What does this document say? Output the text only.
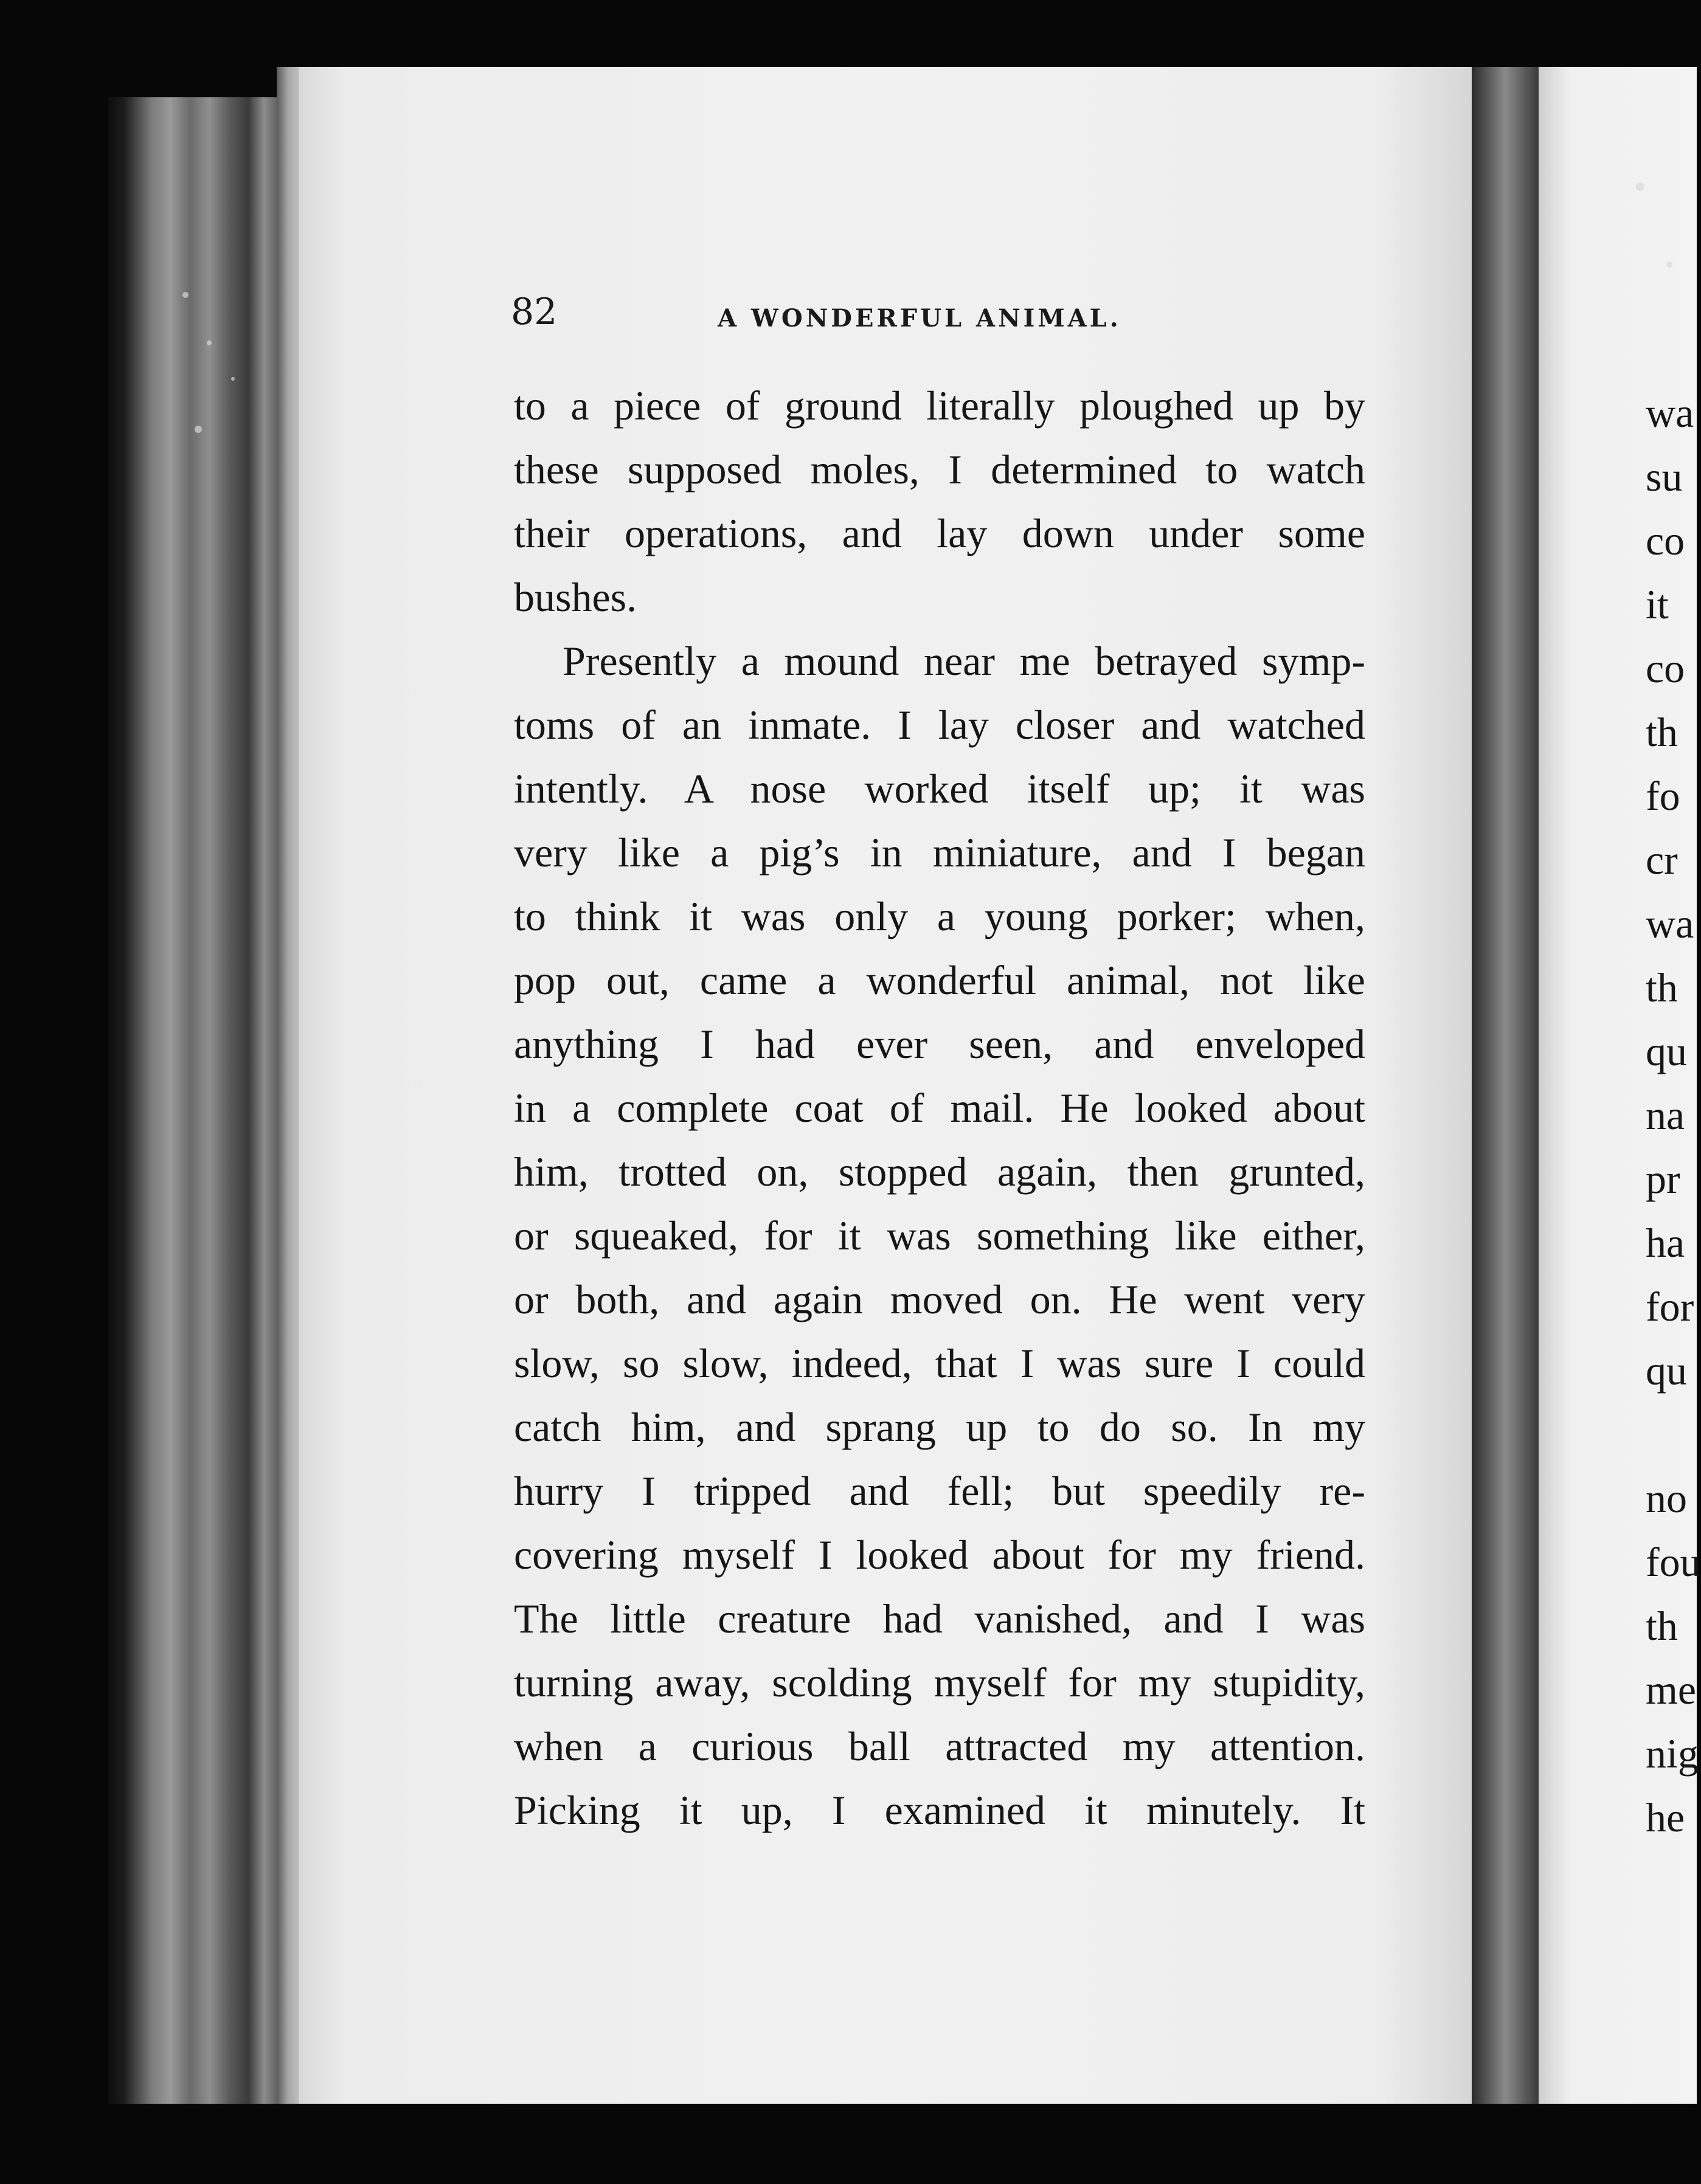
82	A WONDERFUL ANIMAL.
to a piece of ground literally ploughed up by
these supposed moles, I determined to watch
their operations, and lay down under some
bushes.
Presently a mound near me betrayed symp-
toms of an inmate. I lay closer and watched
intently. A nose worked itself up; it was
very like a pig’s in miniature, and I began
to think it was only a young porker; when,
pop out, came a wonderful animal, not like
anything I had ever seen, and enveloped
in a complete coat of mail. He looked about
him, trotted on, stopped again, then grunted,
or squeaked, for it was something like either,
or both, and again moved on. He went very
slow, so slow, indeed, that I was sure I could
catch him, and sprang up to do so. In my
hurry I tripped and fell; but speedily re-
covering myself I looked about for my friend.
The little creature had vanished, and I was
turning away, scolding myself for my stupidity,
when a curious ball attracted my attention.
Picking it up, I examined it minutely. It
wa
su
co
it
co
th
fo
cr
wa
th
qu
na
pr
ha
for
qu
no
fou
th
me
nig
he
